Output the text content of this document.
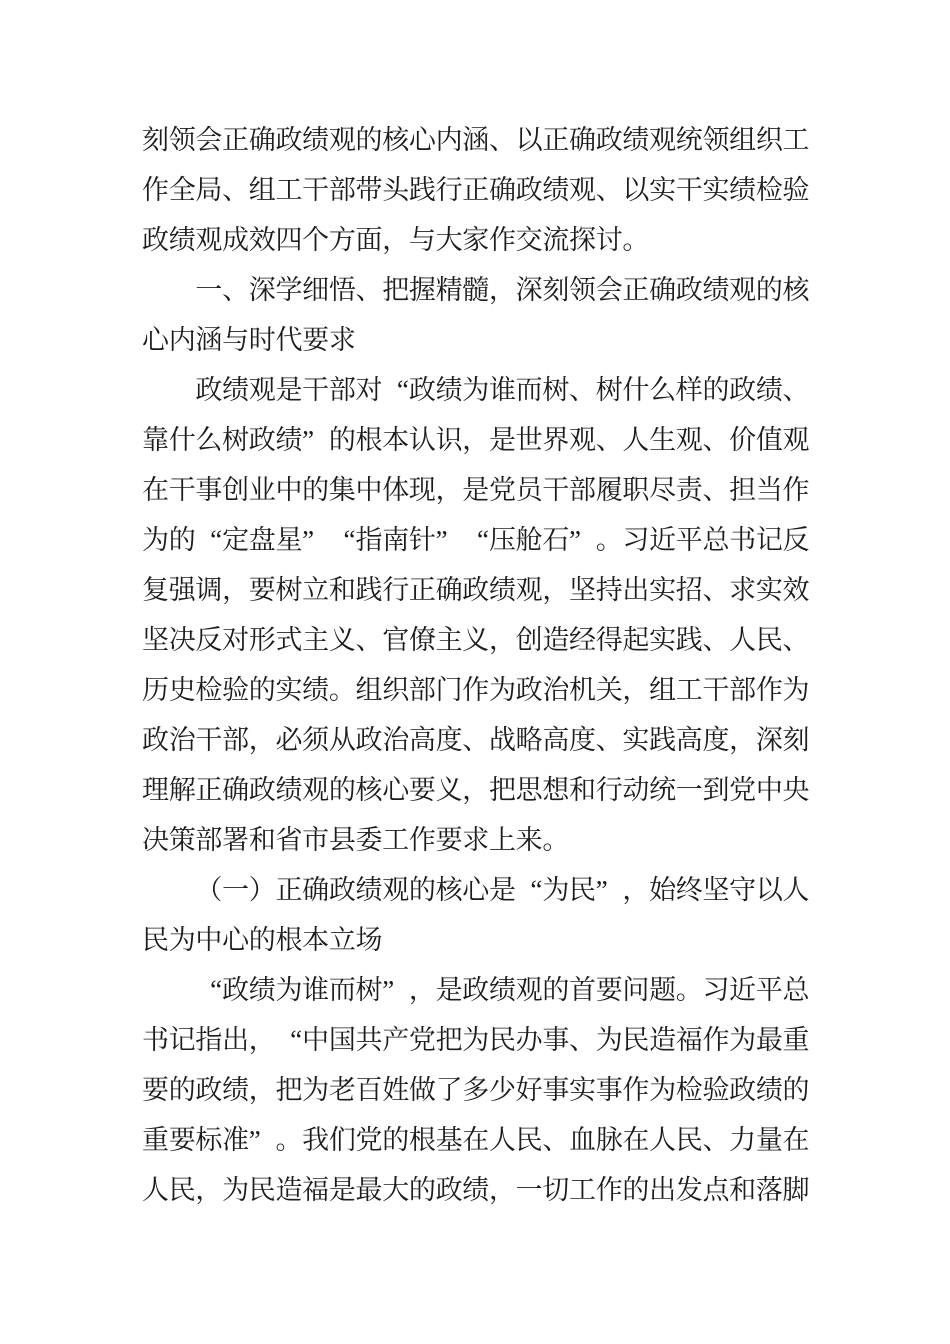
刻领会正确政绩观的核心内涵、以正确政绩观统领组织工
作全局、组工干部带头践行正确政绩观、以实干实绩检验
政绩观成效四个方面，与大家作交流探讨。
一、深学细悟、把握精髓，深刻领会正确政绩观的核
心内涵与时代要求
政绩观是干部对 “政绩为谁而树、树什么样的政绩、
靠什么树政绩” 的根本认识，是世界观、人生观、价值观
在干事创业中的集中体现，是党员干部履职尽责、担当作
为的 “定盘星” “指南针” “压舱石” 。习近平总书记反
复强调，要树立和践行正确政绩观，坚持出实招、求实效
坚决反对形式主义、官僚主义，创造经得起实践、人民、
历史检验的实绩。组织部门作为政治机关，组工干部作为
政治干部，必须从政治高度、战略高度、实践高度，深刻
理解正确政绩观的核心要义，把思想和行动统一到党中央
决策部署和省市县委工作要求上来。
（一）正确政绩观的核心是 “为民” ，始终坚守以人
民为中心的根本立场
“政绩为谁而树” ，是政绩观的首要问题。习近平总
书记指出， “中国共产党把为民办事、为民造福作为最重
要的政绩，把为老百姓做了多少好事实事作为检验政绩的
重要标准” 。我们党的根基在人民、血脉在人民、力量在
人民，为民造福是最大的政绩，一切工作的出发点和落脚
